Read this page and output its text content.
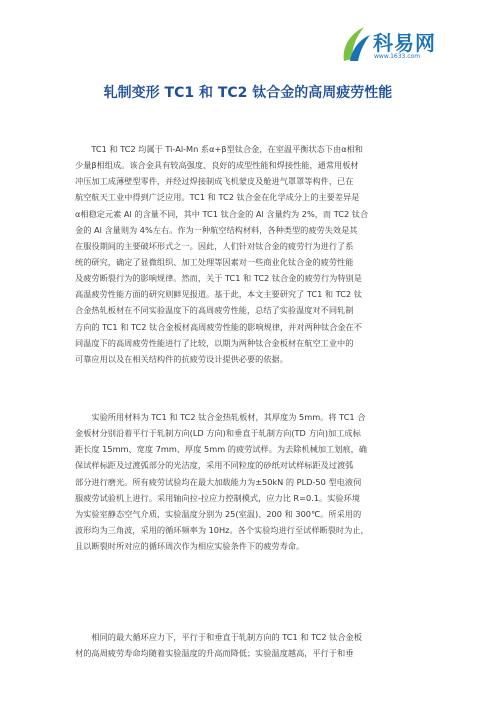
科易网
www.1633.com
轧制变形 TC1 和 TC2 钛合金的高周疲劳性能
　　TC1 和 TC2 均属于 Ti-Al-Mn 系α+β型钛合金，在室温平衡状态下由α相和
少量β相组成。该合金具有较高强度、良好的成型性能和焊接性能，通常用板材
冲压加工成薄壁型零件，并经过焊接制成飞机蒙皮及舱进气罩罩等构件，已在
航空航天工业中得到广泛应用。TC1 和 TC2 钛合金在化学成分上的主要差异是
α相稳定元素 Al 的含量不同，其中 TC1 钛合金的 Al 含量约为 2%，而 TC2 钛合
金的 Al 含量则为 4%左右。作为一种航空结构材料，各种类型的疲劳失效是其
在服役期间的主要破坏形式之一。因此，人们针对钛合金的疲劳行为进行了系
统的研究，确定了显微组织、加工处理等因素对一些商业化钛合金的疲劳性能
及疲劳断裂行为的影响规律。然而，关于 TC1 和 TC2 钛合金的疲劳行为特别是
高温疲劳性能方面的研究则鲜见报道。基于此，本文主要研究了 TC1 和 TC2 钛
合金热轧板材在不同实验温度下的高周疲劳性能，总结了实验温度对不同轧制
方向的 TC1 和 TC2 钛合金板材高周疲劳性能的影响规律，并对两种钛合金在不
同温度下的高周疲劳性能进行了比较，以期为两种钛合金板材在航空工业中的
可靠应用以及在相关结构件的抗疲劳设计提供必要的依据。
　　实验所用材料为 TC1 和 TC2 钛合金热轧板材，其厚度为 5mm。将 TC1 合
金板材分别沿着平行于轧制方向(LD 方向)和垂直于轧制方向(TD 方向)加工成标
距长度 15mm、宽度 7mm、厚度 5mm 的疲劳试样。为去除机械加工划痕，确
保试样标距及过渡弧部分的光洁度，采用不同粒度的砂纸对试样标距及过渡弧
部分进行磨光。所有疲劳试验均在最大加载能力为±50kN 的 PLD-50 型电液伺
服疲劳试验机上进行。采用轴向拉-拉应力控制模式，应力比 R=0.1。实验环境
为实验室静态空气介质，实验温度分别为 25(室温)、200 和 300℃。所采用的
波形均为三角波，采用的循环频率为 10Hz。各个实验均进行至试样断裂时为止，
且以断裂时所对应的循环周次作为相应实验条件下的疲劳寿命。
　　相同的最大循环应力下，平行于和垂直于轧制方向的 TC1 和 TC2 钛合金板
材的高周疲劳寿命均随着实验温度的升高而降低；实验温度越高，平行于和垂
